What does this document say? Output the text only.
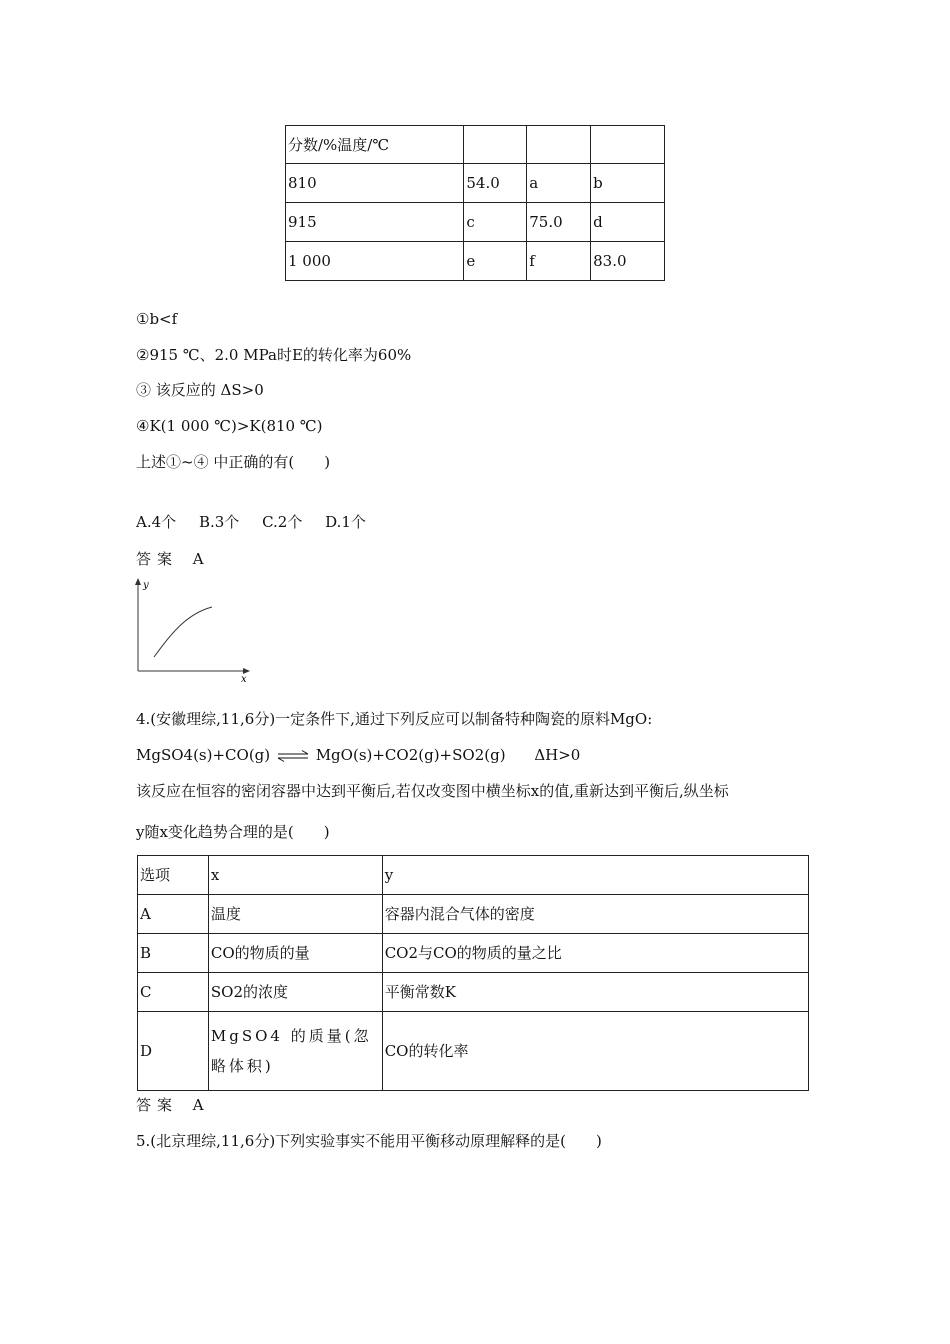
分数/%温度/℃			
810	54.0	a	b
915	c	75.0	d
1 000	e	f	83.0
①b<f
②915 ℃、2.0 MPa时E的转化率为60%
③ 该反应的 ΔS>0
④K(1 000 ℃)>K(810 ℃)
上述①~④ 中正确的有(　　)
A.4个 B.3个 C.2个 D.1个
答案 A
y
x
4.(安徽理综,11,6分)一定条件下,通过下列反应可以制备特种陶瓷的原料MgO:
MgSO4(s)+CO(g) ⇌ MgO(s)+CO2(g)+SO2(g) ΔH>0
该反应在恒容的密闭容器中达到平衡后,若仅改变图中横坐标x的值,重新达到平衡后,纵坐标
y随x变化趋势合理的是(　　)
选项	x	y
A	温度	容器内混合气体的密度
B	CO的物质的量	CO2与CO的物质的量之比
C	SO2的浓度	平衡常数K
D	MgSO4 的质量(忽略体积)	CO的转化率
答案 A
5.(北京理综,11,6分)下列实验事实不能用平衡移动原理解释的是(　　)
